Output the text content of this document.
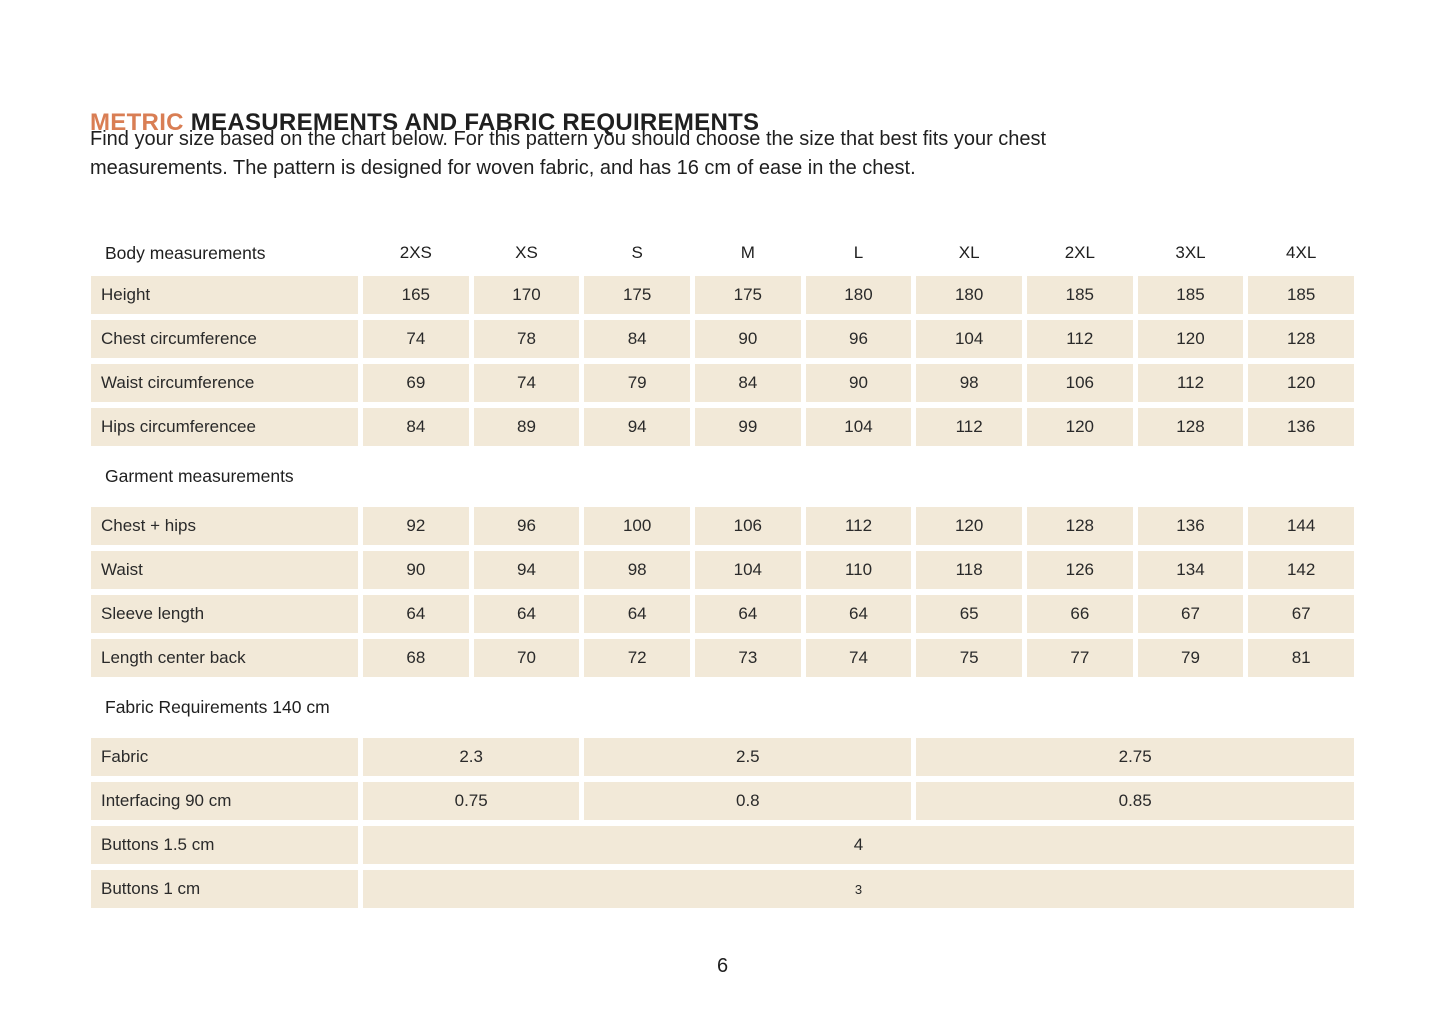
METRIC MEASUREMENTS AND FABRIC REQUIREMENTS
Find your size based on the chart below. For this pattern you should choose the size that best fits your chest
measurements. The pattern is designed for woven fabric, and has 16 cm of ease in the chest.
Body measurements	2XS	XS	S	M	L	XL	2XL	3XL	4XL
Height	165	170	175	175	180	180	185	185	185
Chest circumference	74	78	84	90	96	104	112	120	128
Waist circumference	69	74	79	84	90	98	106	112	120
Hips circumferencee	84	89	94	99	104	112	120	128	136
Garment measurements
Chest + hips	92	96	100	106	112	120	128	136	144
Waist	90	94	98	104	110	118	126	134	142
Sleeve length	64	64	64	64	64	65	66	67	67
Length center back	68	70	72	73	74	75	77	79	81
Fabric Requirements 140 cm
Fabric	2.3	2.5	2.75
Interfacing 90 cm	0.75	0.8	0.85
Buttons 1.5 cm	4
Buttons 1 cm	3
6
